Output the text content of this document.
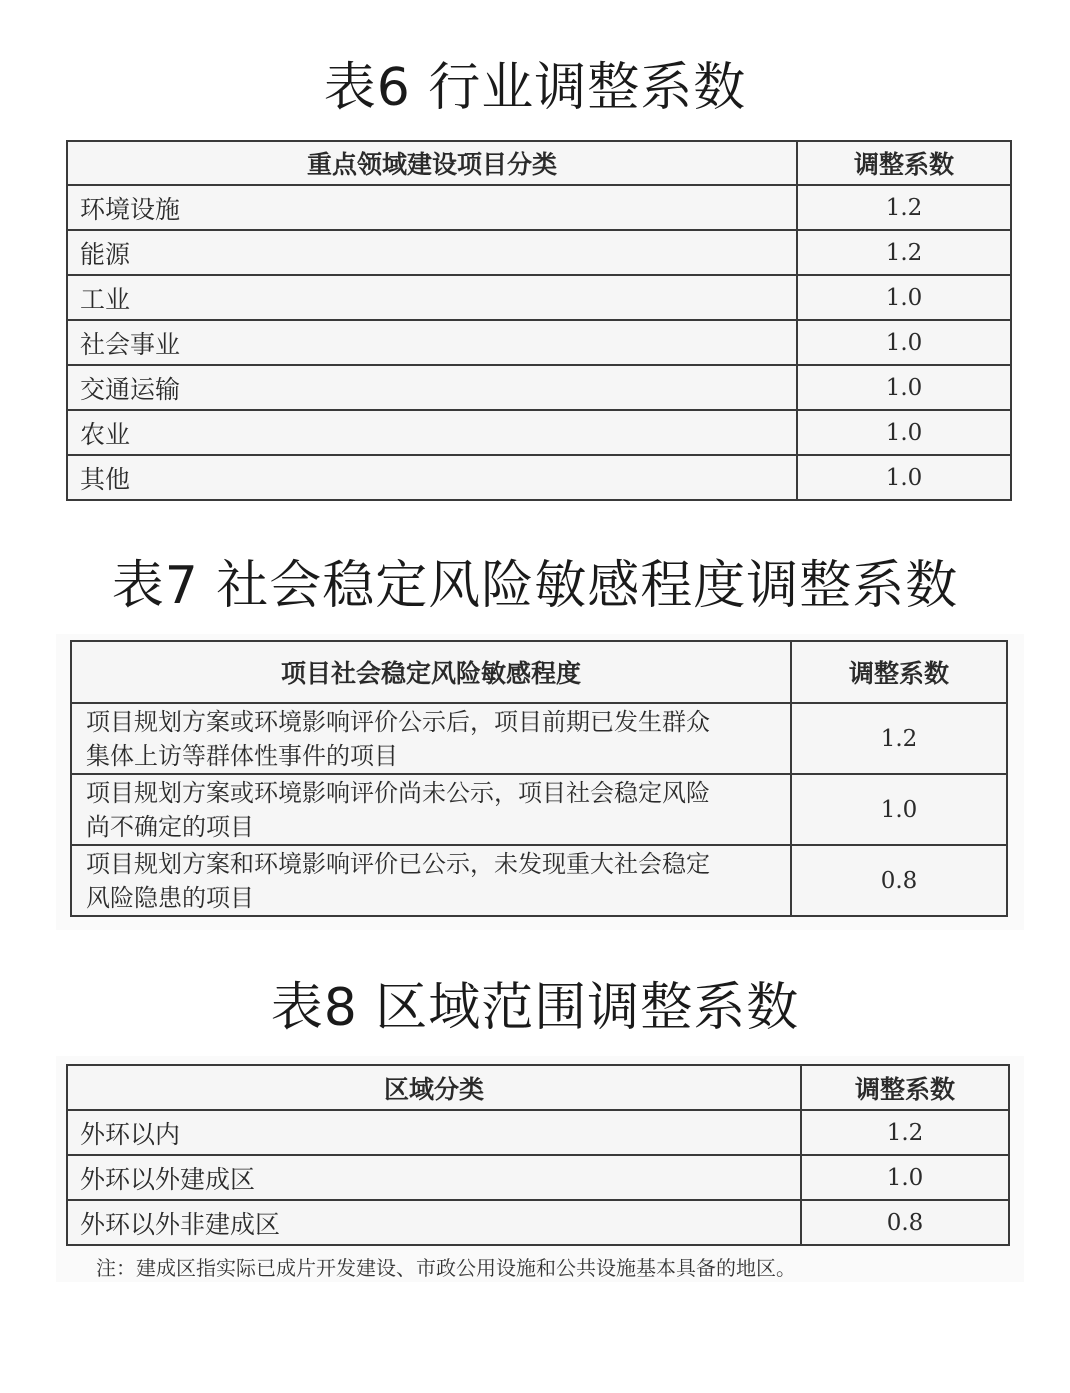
表6 行业调整系数
重点领域建设项目分类	调整系数
环境设施	1.2
能源	1.2
工业	1.0
社会事业	1.0
交通运输	1.0
农业	1.0
其他	1.0
表7 社会稳定风险敏感程度调整系数
项目社会稳定风险敏感程度	调整系数

项目规划方案或环境影响评价公示后，项目前期已发生群众
集体上访等群体性事件的项目	1.2

项目规划方案或环境影响评价尚未公示，项目社会稳定风险
尚不确定的项目	1.0

项目规划方案和环境影响评价已公示，未发现重大社会稳定
风险隐患的项目	0.8
表8 区域范围调整系数
区域分类	调整系数
外环以内	1.2
外环以外建成区	1.0
外环以外非建成区	0.8
注：建成区指实际已成片开发建设、市政公用设施和公共设施基本具备的地区。
